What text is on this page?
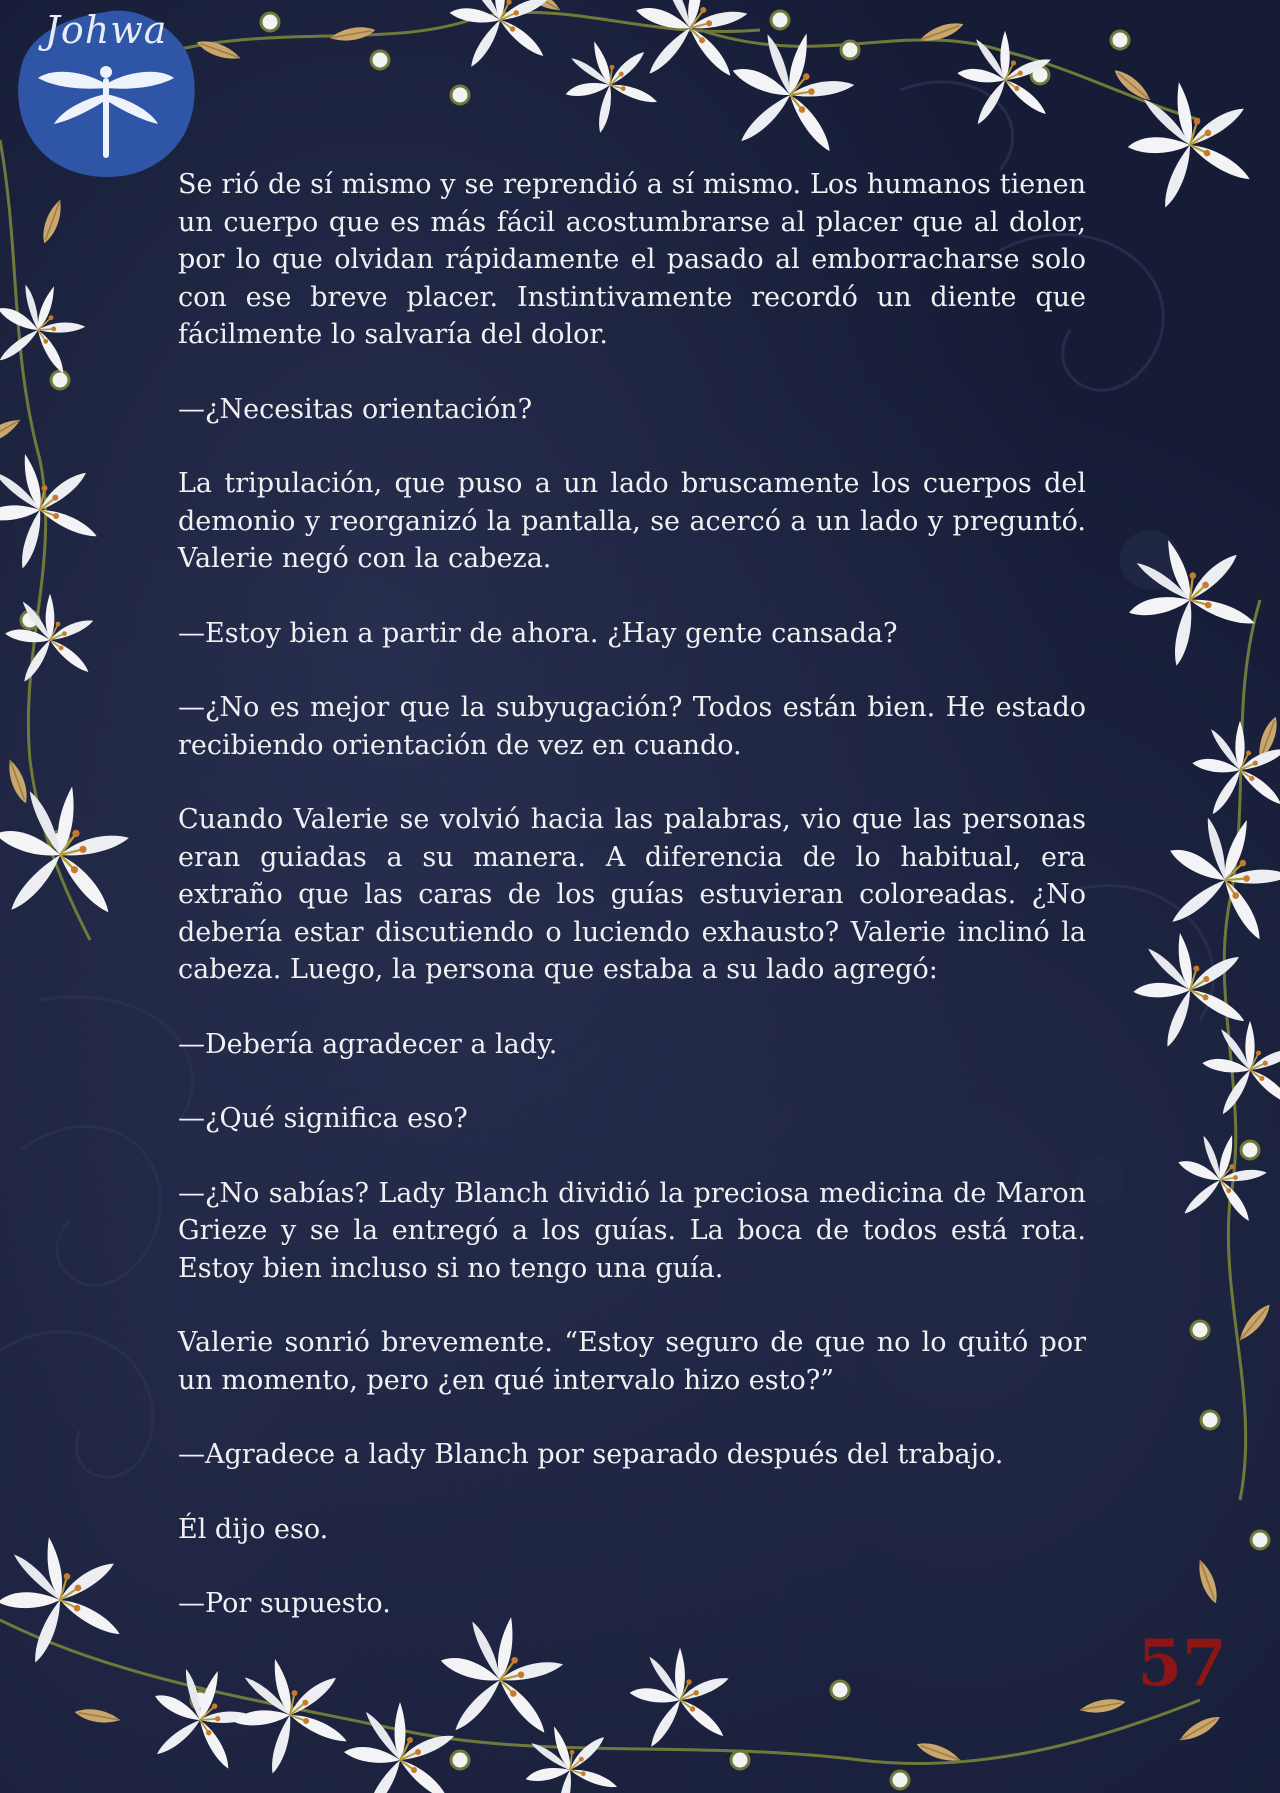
Johwa

Se rió de sí mismo y se reprendió a sí mismo. Los humanos tienen un cuerpo que es más fácil acostumbrarse al placer que al dolor, por lo que olvidan rápidamente el pasado al emborracharse solo con ese breve placer. Instintivamente recordó un diente que fácilmente lo salvaría del dolor.

—¿Necesitas orientación?

La tripulación, que puso a un lado bruscamente los cuerpos del demonio y reorganizó la pantalla, se acercó a un lado y preguntó. Valerie negó con la cabeza.

—Estoy bien a partir de ahora. ¿Hay gente cansada?

—¿No es mejor que la subyugación? Todos están bien. He estado recibiendo orientación de vez en cuando.

Cuando Valerie se volvió hacia las palabras, vio que las personas eran guiadas a su manera. A diferencia de lo habitual, era extraño que las caras de los guías estuvieran coloreadas. ¿No debería estar discutiendo o luciendo exhausto? Valerie inclinó la cabeza. Luego, la persona que estaba a su lado agregó:

—Debería agradecer a lady.

—¿Qué significa eso?

—¿No sabías? Lady Blanch dividió la preciosa medicina de Maron Grieze y se la entregó a los guías. La boca de todos está rota. Estoy bien incluso si no tengo una guía.

Valerie sonrió brevemente. “Estoy seguro de que no lo quitó por un momento, pero ¿en qué intervalo hizo esto?”

—Agradece a lady Blanch por separado después del trabajo.

Él dijo eso.

—Por supuesto.

57
